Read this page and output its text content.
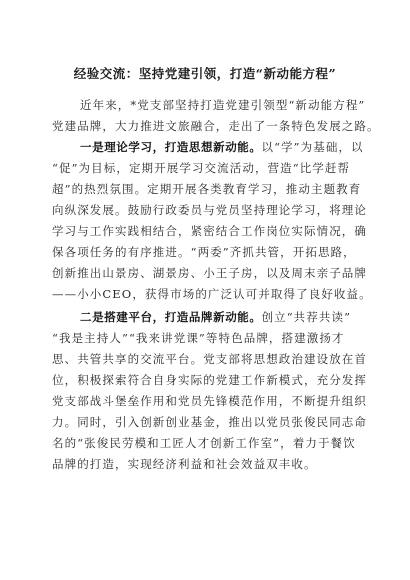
经验交流：坚持党建引领，打造“新动能方程”

近年来，*党支部坚持打造党建引领型“新动能方程”

党建品牌，大力推进文旅融合，走出了一条特色发展之路。

一是理论学习，打造思想新动能。以“学”为基础，以

“促”为目标，定期开展学习交流活动，营造“比学赶帮

超”的热烈氛围。定期开展各类教育学习，推动主题教育

向纵深发展。鼓励行政委员与党员坚持理论学习，将理论

学习与工作实践相结合，紧密结合工作岗位实际情况，确

保各项任务的有序推进。“两委”齐抓共管，开拓思路，

创新推出山景房、湖景房、小王子房，以及周末亲子品牌

——小小CEO，获得市场的广泛认可并取得了良好收益。

二是搭建平台，打造品牌新动能。创立“共荐共读”

“我是主持人”“我来讲党课”等特色品牌，搭建激扬才

思、共管共享的交流平台。党支部将思想政治建设放在首

位，积极探索符合自身实际的党建工作新模式，充分发挥

党支部战斗堡垒作用和党员先锋模范作用，不断提升组织

力。同时，引入创新创业基金，推出以党员张俊民同志命

名的“张俊民劳模和工匠人才创新工作室”，着力于餐饮

品牌的打造，实现经济利益和社会效益双丰收。
